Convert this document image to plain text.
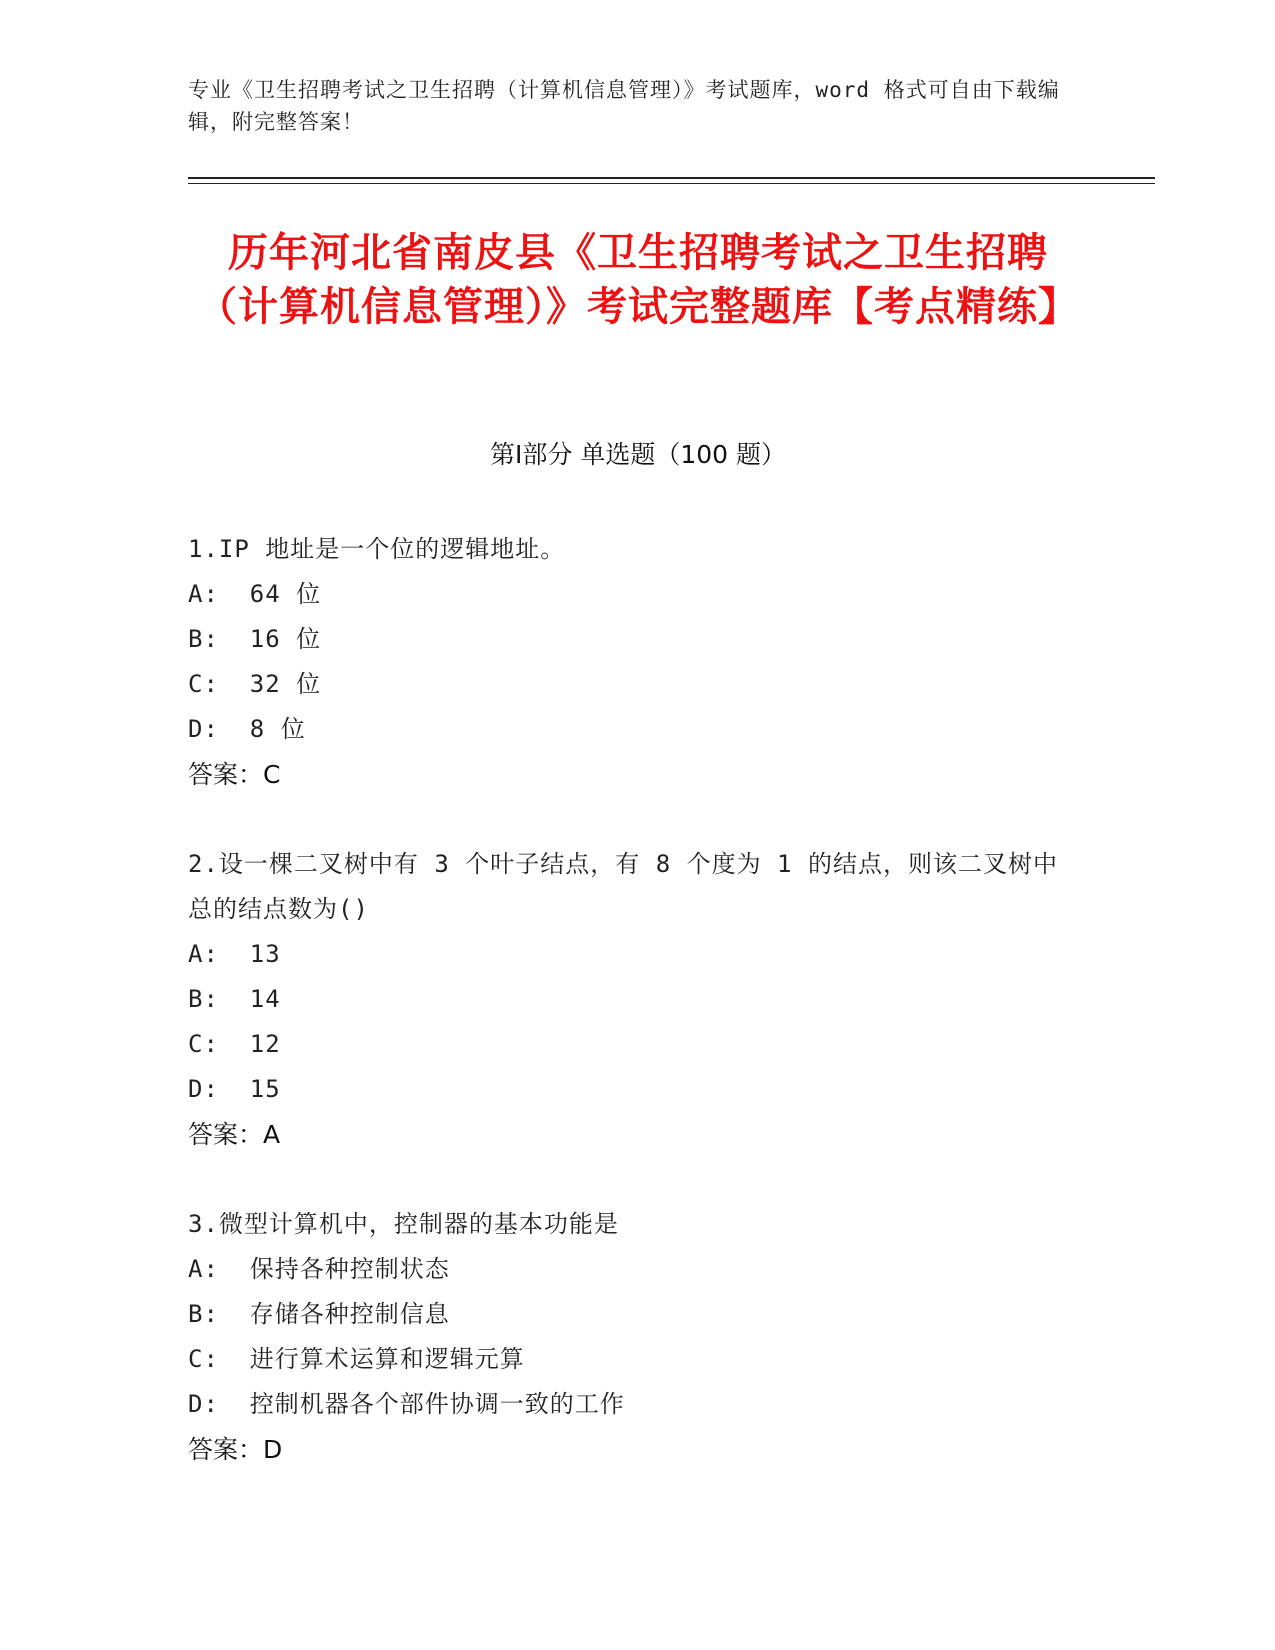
专业《卫生招聘考试之卫生招聘（计算机信息管理）》考试题库，word 格式可自由下载编辑，附完整答案！
历年河北省南皮县《卫生招聘考试之卫生招聘（计算机信息管理）》考试完整题库【考点精练】
第Ⅰ部分 单选题（100 题）
1.IP 地址是一个位的逻辑地址。
A:  64 位
B:  16 位
C:  32 位
D:  8 位
答案：C
2.设一棵二叉树中有 3 个叶子结点，有 8 个度为 1 的结点，则该二叉树中总的结点数为()
A:  13
B:  14
C:  12
D:  15
答案：A
3.微型计算机中，控制器的基本功能是
A:  保持各种控制状态
B:  存储各种控制信息
C:  进行算术运算和逻辑元算
D:  控制机器各个部件协调一致的工作
答案：D
